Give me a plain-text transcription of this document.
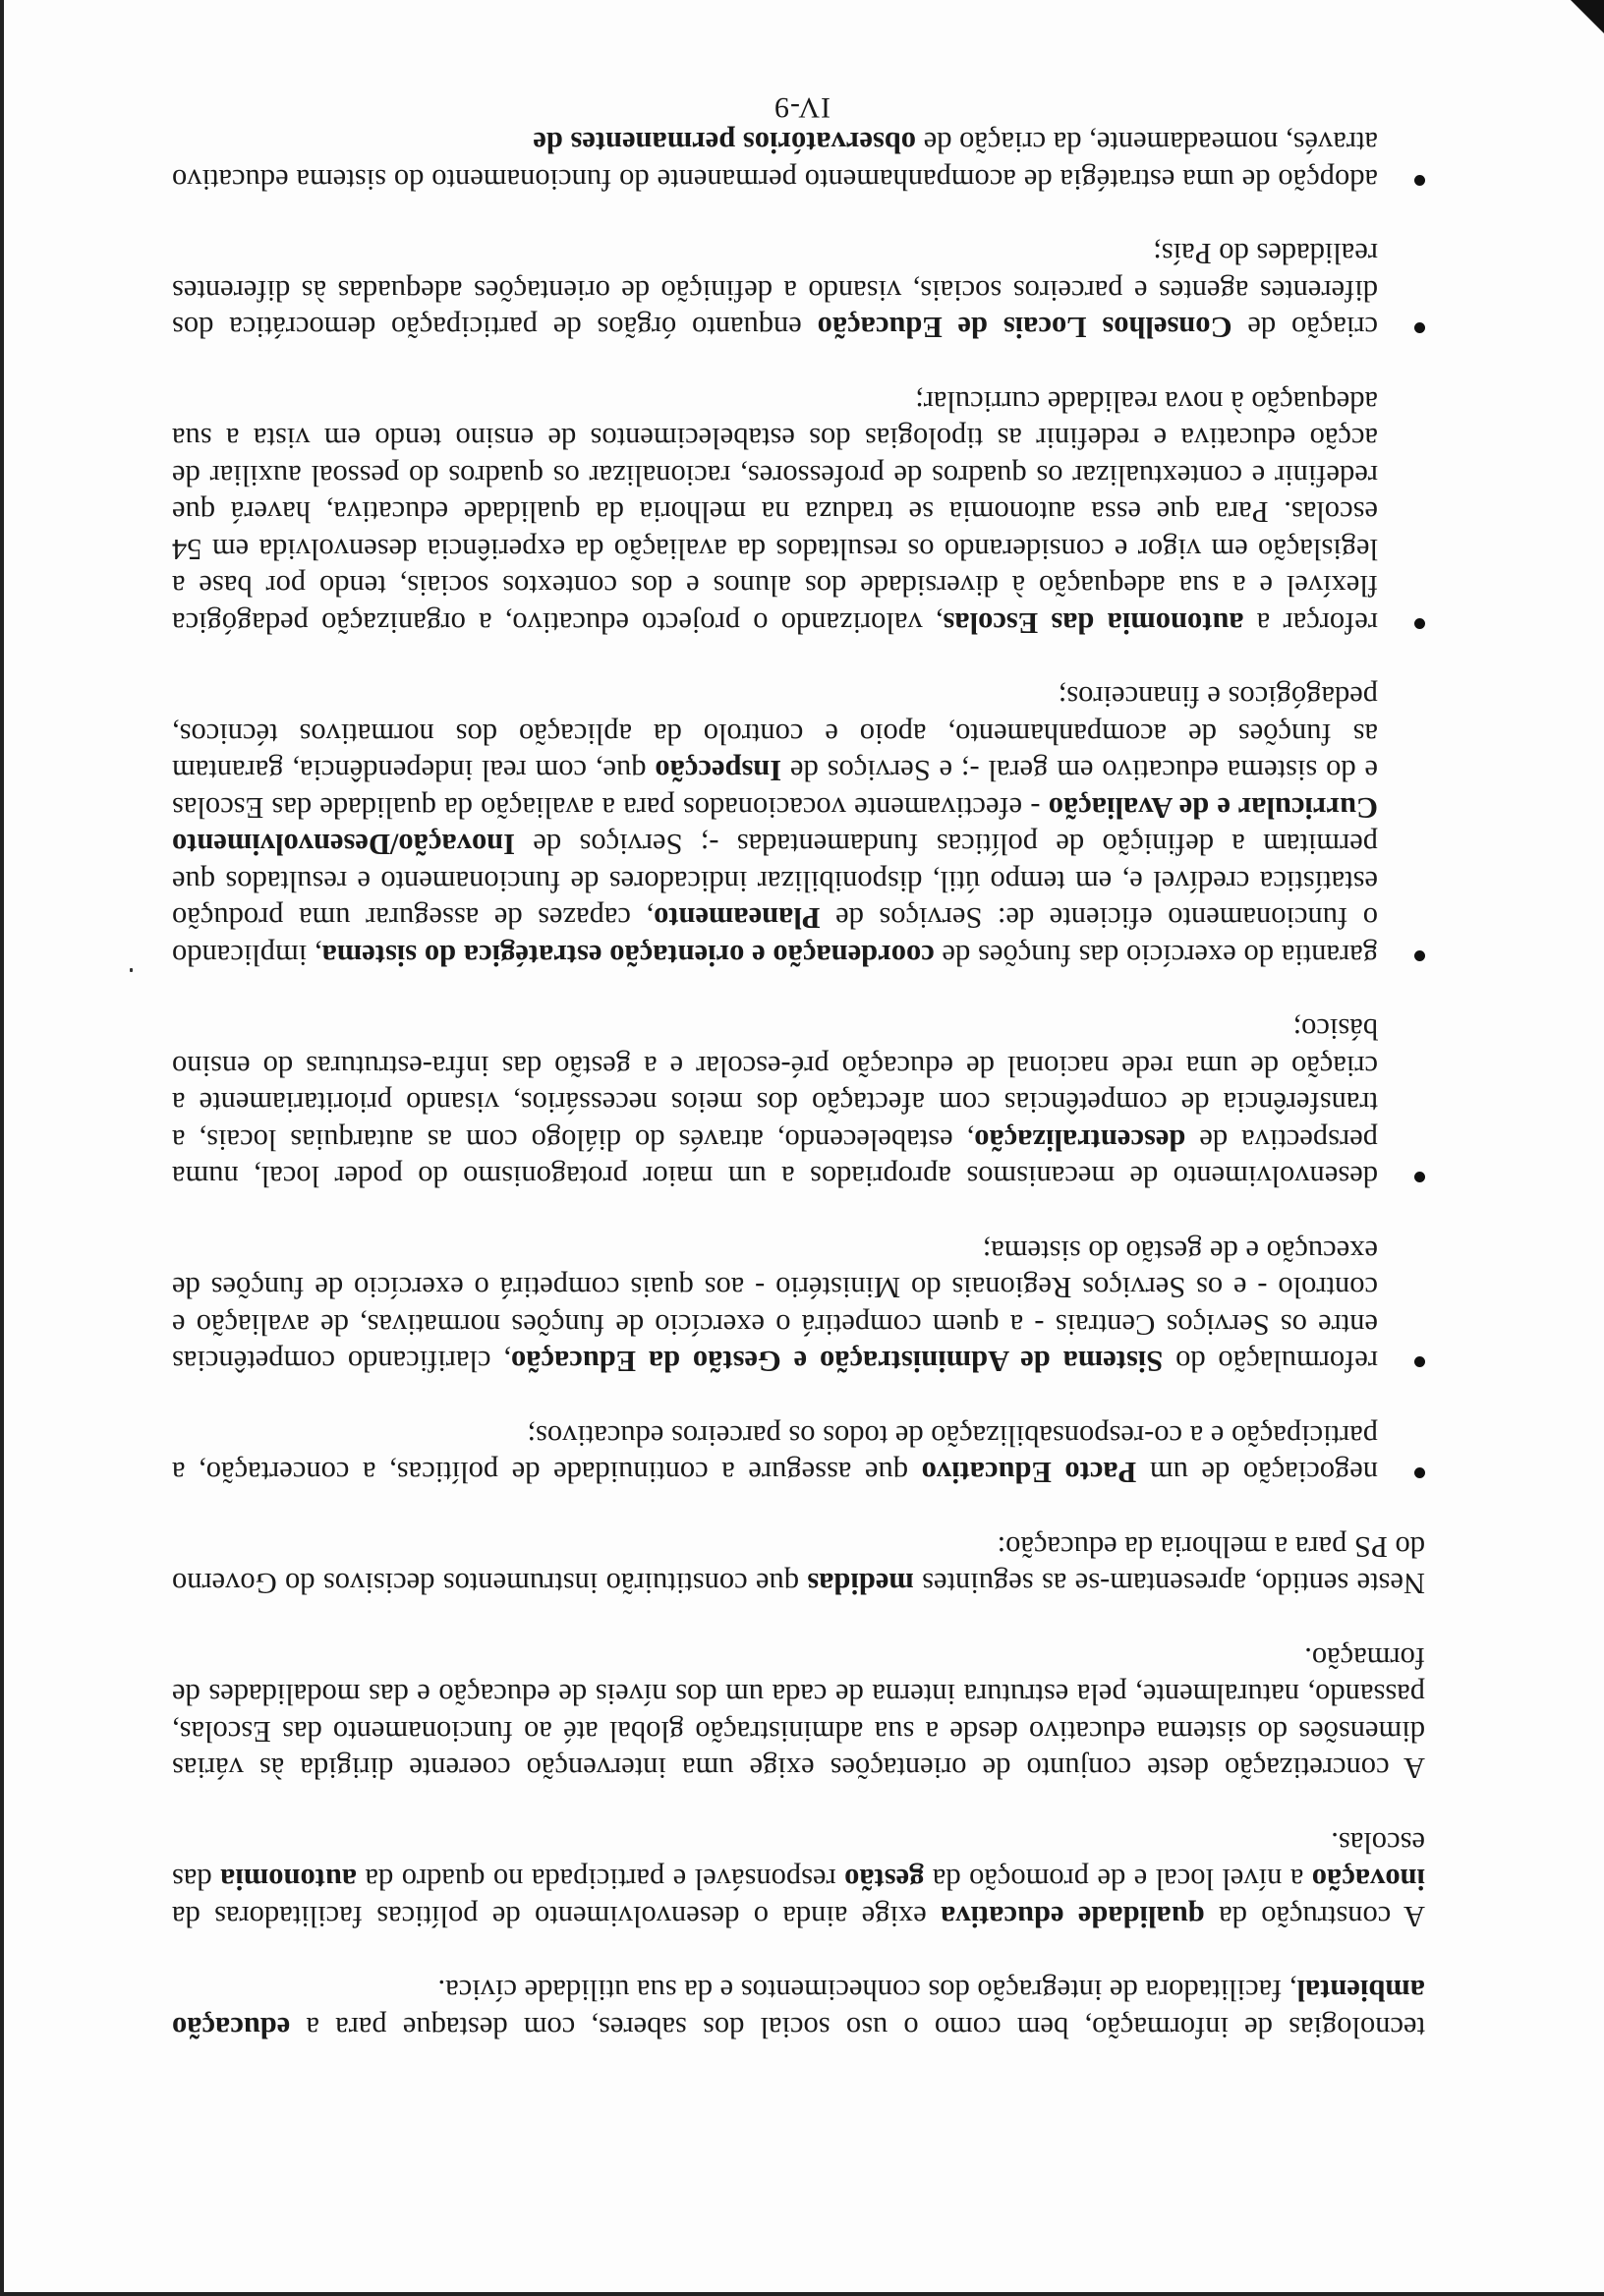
tecnologias de informação, bem como o uso social dos saberes, com destaque para a educação ambiental, facilitadora de integração dos conhecimentos e da sua utilidade cívica.

A construção da qualidade educativa exige ainda o desenvolvimento de políticas facilitadoras da inovação a nível local e de promoção da gestão responsável e participada no quadro da autonomia das escolas.

A concretização deste conjunto de orientações exige uma intervenção coerente dirigida às várias dimensões do sistema educativo desde a sua administração global até ao funcionamento das Escolas, passando, naturalmente, pela estrutura interna de cada um dos níveis de educação e das modalidades de formação.

Neste sentido, apresentam-se as seguintes medidas que constituirão instrumentos decisivos do Governo do PS para a melhoria da educação:

negociação de um Pacto Educativo que assegure a continuidade de políticas, a concertação, a participação e a co-responsabilização de todos os parceiros educativos;
reformulação do Sistema de Administração e Gestão da Educação, clarificando competências entre os Serviços Centrais - a quem competirá o exercício de funções normativas, de avaliação e controlo - e os Serviços Regionais do Ministério - aos quais competirá o exercício de funções de execução e de gestão do sistema;
desenvolvimento de mecanismos apropriados a um maior protagonismo do poder local, numa perspectiva de descentralização, estabelecendo, através do diálogo com as autarquias locais, a transferência de competências com afectação dos meios necessários, visando prioritariamente a criação de uma rede nacional de educação pré-escolar e a gestão das infra-estruturas do ensino básico;
garantia do exercício das funções de coordenação e orientação estratégica do sistema, implicando o funcionamento eficiente de: Serviços de Planeamento, capazes de assegurar uma produção estatística credível e, em tempo útil, disponibilizar indicadores de funcionamento e resultados que permitam a definição de políticas fundamentadas -; Serviços de Inovação/Desenvolvimento Curricular e de Avaliação - efectivamente vocacionados para a avaliação da qualidade das Escolas e do sistema educativo em geral -; e Serviços de Inspecção que, com real independência, garantam as funções de acompanhamento, apoio e controlo da aplicação dos normativos técnicos, pedagógicos e financeiros;
reforçar a autonomia das Escolas, valorizando o projecto educativo, a organização pedagógica flexível e a sua adequação à diversidade dos alunos e dos contextos sociais, tendo por base a legislação em vigor e considerando os resultados da avaliação da experiência desenvolvida em 54 escolas. Para que essa autonomia se traduza na melhoria da qualidade educativa, haverá que redefinir e contextualizar os quadros de professores, racionalizar os quadros do pessoal auxiliar de acção educativa e redefinir as tipologias dos estabelecimentos de ensino tendo em vista a sua adequação à nova realidade curricular;
criação de Conselhos Locais de Educação enquanto órgãos de participação democrática dos diferentes agentes e parceiros sociais, visando a definição de orientações adequadas às diferentes realidades do País;
adopção de uma estratégia de acompanhamento permanente do funcionamento do sistema educativo através, nomeadamente, da criação de observatórios permanentes de
IV-9
